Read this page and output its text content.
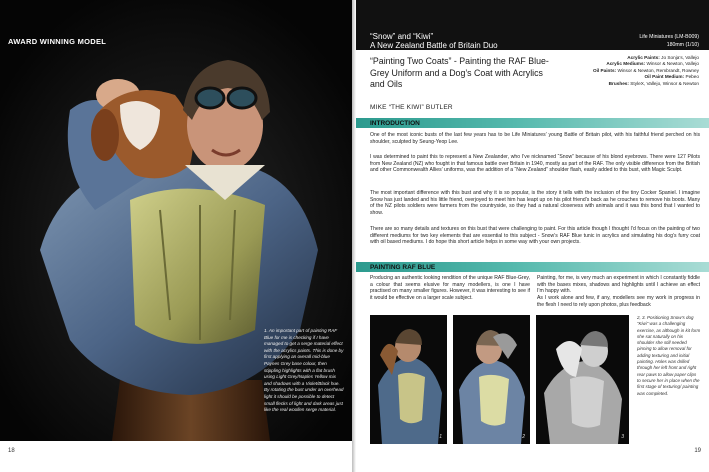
AWARD WINNING MODEL
1. An important part of painting RAF Blue for me is checking if I have managed to get a serge material effect with the acrylics paints. This is done by first applying an overall mid-blue Paynes Grey base colour, then stippling highlights with a flat brush using Light Grey/Naples Yellow mix and shadows with a Violet/Black hue. By rotating the bust under an overhead light it should be possible to detect small flecks of light and dark areas just like the real woollen serge material.
18
“Snow” and “Kiwi”
A New Zealand Battle of Britain Duo
Life Miniatures (LM-B009)
180mm (1/10)
“Painting Two Coats” - Painting the RAF Blue-Grey Uniform and a Dog’s Coat with Acrylics and Oils
Acrylic Paints: Jo Sonja’s, Vallejo
Acrylic Mediums: Winsor & Newton, Vallejo
Oil Paints: Winsor & Newton, Rembrandt, Rowney
Oil Paint Medium: Pebeo
Brushes: StyleX, Vallejo, Winsor & Newton
MIKE “THE KIWI” BUTLER
INTRODUCTION

One of the most iconic busts of the last few years has to be Life Miniatures’ young Battle of Britain pilot, with his faithful friend perched on his shoulder, sculpted by Seung-Yeop Lee.

I was determined to paint this to represent a New Zealander, who I’ve nicknamed “Snow” because of his blond eyebrows. There were 127 Pilots from New Zealand (NZ) who fought in that famous battle over Britain in 1940, mostly as part of the RAF. The only visible difference from the British and other Commonwealth Allies’ uniforms, was the addition of a “New Zealand” shoulder flash, easily added to this bust, with Magic Sculpt.

The most important difference with this bust and why it is so popular, is the story it tells with the inclusion of the tiny Cocker Spaniel. I imagine Snow has just landed and his little friend, overjoyed to meet him has leapt up on his pilot friend’s back as he crouches to remove his boots. Many of the NZ pilots soldiers were farmers from the countryside, so they had a natural closeness with animals and it was this bond that I wanted to show.

There are so many details and textures on this bust that were challenging to paint. For this article though I thought I’d focus on the painting of two different mediums for two key elements that are essential to this subject - Snow’s RAF Blue tunic in acrylics and simulating his dog’s furry coat with oil based mediums. I do hope this short article helps in some way with your own projects.

PAINTING RAF BLUE

Producing an authentic looking rendition of the unique RAF Blue-Grey, a colour that seems elusive for many modellers, is one I have practised on many smaller figures. However, it was interesting to see if it would be effective on a larger scale subject.

Painting, for me, is very much an experiment in which I constantly fiddle with the bases mixes, shadows and highlights until I achieve an effect I’m happy with.

As I work alone and few, if any, modellers see my work in progress in the flesh I need to rely upon photos, plus feedback

1	2	3
2, 3. Positioning Snow’s dog “Kiwi” was a challenging exercise, as although in kit form she sat naturally on his shoulder she still needed pinning to allow removal for adding texturing and initial painting. Holes was drilled through her left front and right rear paws to allow paper clips to secure her in place when the first stage of texturing/ painting was completed.
19
